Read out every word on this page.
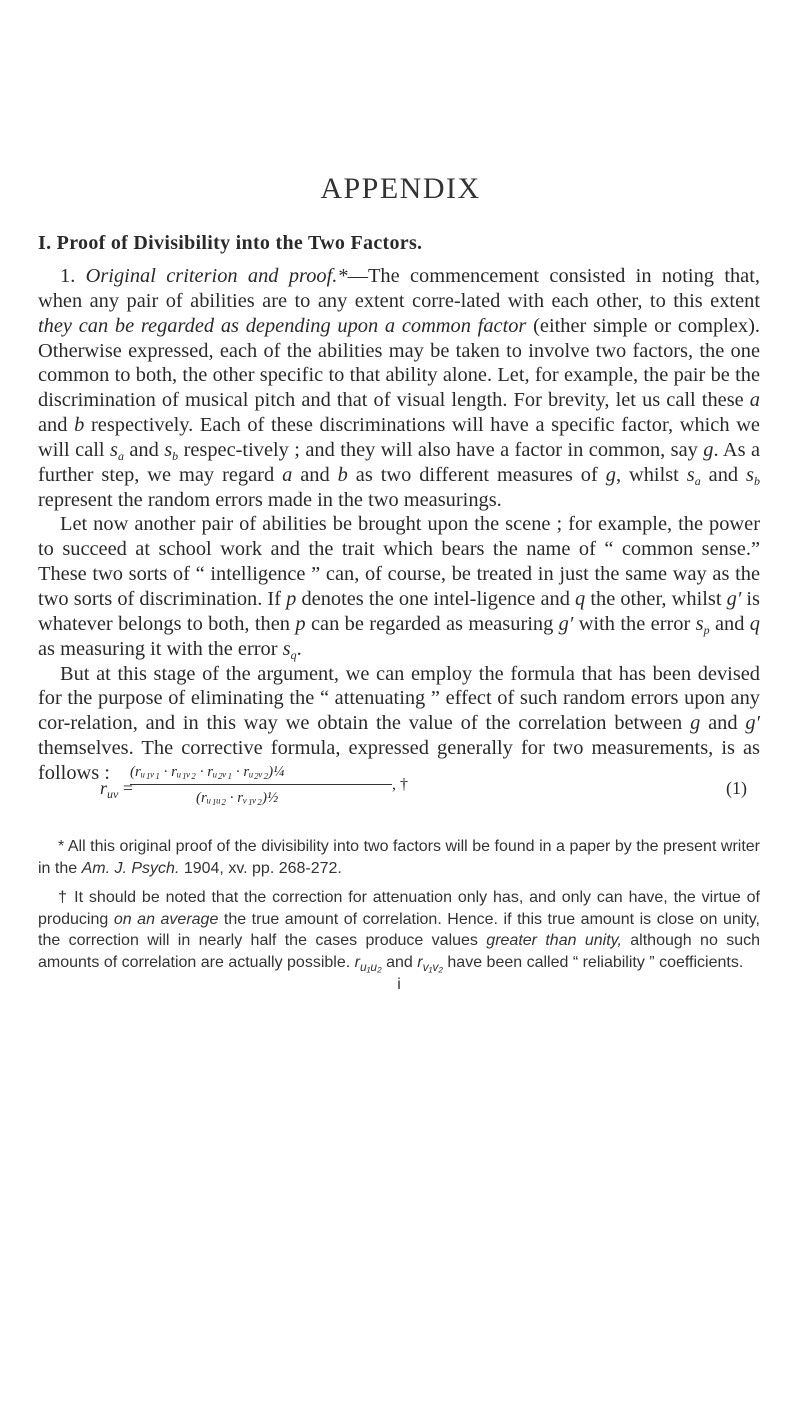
APPENDIX
I. Proof of Divisibility into the Two Factors.

1. Original criterion and proof.*—The commencement consisted in noting that, when any pair of abilities are to any extent corre-lated with each other, to this extent they can be regarded as depending upon a common factor (either simple or complex). Otherwise expressed, each of the abilities may be taken to involve two factors, the one common to both, the other specific to that ability alone. Let, for example, the pair be the discrimination of musical pitch and that of visual length. For brevity, let us call these a and b respectively. Each of these discriminations will have a specific factor, which we will call $s_a$ and $s_b$ respec-tively ; and they will also have a factor in common, say g. As a further step, we may regard a and b as two different measures of g, whilst $s_a$ and $s_b$ represent the random errors made in the two measurings.

Let now another pair of abilities be brought upon the scene ; for example, the power to succeed at school work and the trait which bears the name of “ common sense.” These two sorts of “ intelligence ” can, of course, be treated in just the same way as the two sorts of discrimination. If p denotes the one intel-ligence and q the other, whilst g′ is whatever belongs to both, then p can be regarded as measuring g′ with the error $s_p$ and q as measuring it with the error $s_q$.

But at this stage of the argument, we can employ the formula that has been devised for the purpose of eliminating the “ attenuating ” effect of such random errors upon any cor-relation, and in this way we obtain the value of the correlation between g and g′ themselves. The corrective formula, expressed generally for two measurements, is as follows :

$r_{uv}$ =
(rᵤ₁ᵥ₁ · rᵤ₁ᵥ₂ · rᵤ₂ᵥ₁ · rᵤ₂ᵥ₂)¼
(rᵤ₁ᵤ₂ · rᵥ₁ᵥ₂)½
, †	(1)

* All this original proof of the divisibility into two factors will be found in a paper by the present writer in the Am. J. Psych. 1904, xv. pp. 268-272.

† It should be noted that the correction for attenuation only has, and only can have, the virtue of producing on an average the true amount of correlation. Hence. if this true amount is close on unity, the correction will in nearly half the cases produce values greater than unity, although no such amounts of correlation are actually possible. $r_{u_1u_2}$ and $r_{v_1v_2}$ have been called “ reliability ” coefficients.

i
